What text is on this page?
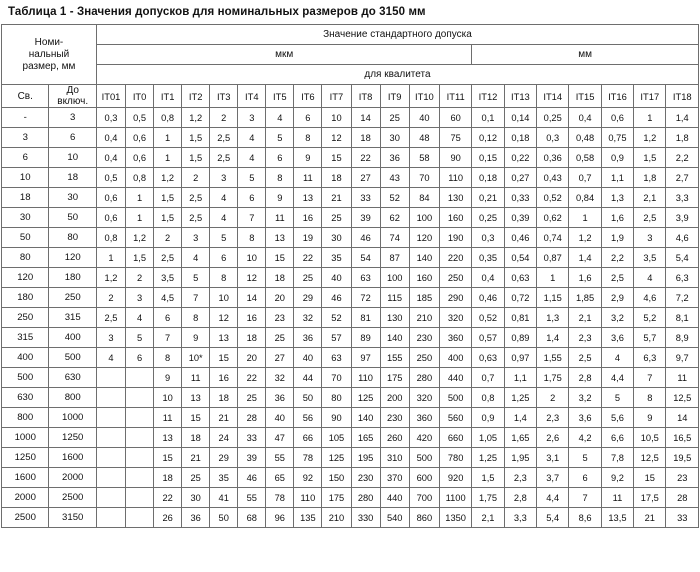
Таблица 1 - Значения допусков для номинальных размеров до 3150 мм
Номи-
нальный
размер, мм		Значение стандартного допуска																			
		мкм													мм						
		для квалитета																			
Св.	До
включ.	IT01	IT0	IT1	IT2	IT3	IT4	IT5	IT6	IT7	IT8	IT9	IT10	IT11	IT12	IT13	IT14	IT15	IT16	IT17	IT18
-	3	0,3	0,5	0,8	1,2	2	3	4	6	10	14	25	40	60	0,1	0,14	0,25	0,4	0,6	1	1,4
3	6	0,4	0,6	1	1,5	2,5	4	5	8	12	18	30	48	75	0,12	0,18	0,3	0,48	0,75	1,2	1,8
6	10	0,4	0,6	1	1,5	2,5	4	6	9	15	22	36	58	90	0,15	0,22	0,36	0,58	0,9	1,5	2,2
10	18	0,5	0,8	1,2	2	3	5	8	11	18	27	43	70	110	0,18	0,27	0,43	0,7	1,1	1,8	2,7
18	30	0,6	1	1,5	2,5	4	6	9	13	21	33	52	84	130	0,21	0,33	0,52	0,84	1,3	2,1	3,3
30	50	0,6	1	1,5	2,5	4	7	11	16	25	39	62	100	160	0,25	0,39	0,62	1	1,6	2,5	3,9
50	80	0,8	1,2	2	3	5	8	13	19	30	46	74	120	190	0,3	0,46	0,74	1,2	1,9	3	4,6
80	120	1	1,5	2,5	4	6	10	15	22	35	54	87	140	220	0,35	0,54	0,87	1,4	2,2	3,5	5,4
120	180	1,2	2	3,5	5	8	12	18	25	40	63	100	160	250	0,4	0,63	1	1,6	2,5	4	6,3
180	250	2	3	4,5	7	10	14	20	29	46	72	115	185	290	0,46	0,72	1,15	1,85	2,9	4,6	7,2
250	315	2,5	4	6	8	12	16	23	32	52	81	130	210	320	0,52	0,81	1,3	2,1	3,2	5,2	8,1
315	400	3	5	7	9	13	18	25	36	57	89	140	230	360	0,57	0,89	1,4	2,3	3,6	5,7	8,9
400	500	4	6	8	10*	15	20	27	40	63	97	155	250	400	0,63	0,97	1,55	2,5	4	6,3	9,7
500	630			9	11	16	22	32	44	70	110	175	280	440	0,7	1,1	1,75	2,8	4,4	7	11
630	800			10	13	18	25	36	50	80	125	200	320	500	0,8	1,25	2	3,2	5	8	12,5
800	1000			11	15	21	28	40	56	90	140	230	360	560	0,9	1,4	2,3	3,6	5,6	9	14
1000	1250			13	18	24	33	47	66	105	165	260	420	660	1,05	1,65	2,6	4,2	6,6	10,5	16,5
1250	1600			15	21	29	39	55	78	125	195	310	500	780	1,25	1,95	3,1	5	7,8	12,5	19,5
1600	2000			18	25	35	46	65	92	150	230	370	600	920	1,5	2,3	3,7	6	9,2	15	23
2000	2500			22	30	41	55	78	110	175	280	440	700	1100	1,75	2,8	4,4	7	11	17,5	28
2500	3150			26	36	50	68	96	135	210	330	540	860	1350	2,1	3,3	5,4	8,6	13,5	21	33
